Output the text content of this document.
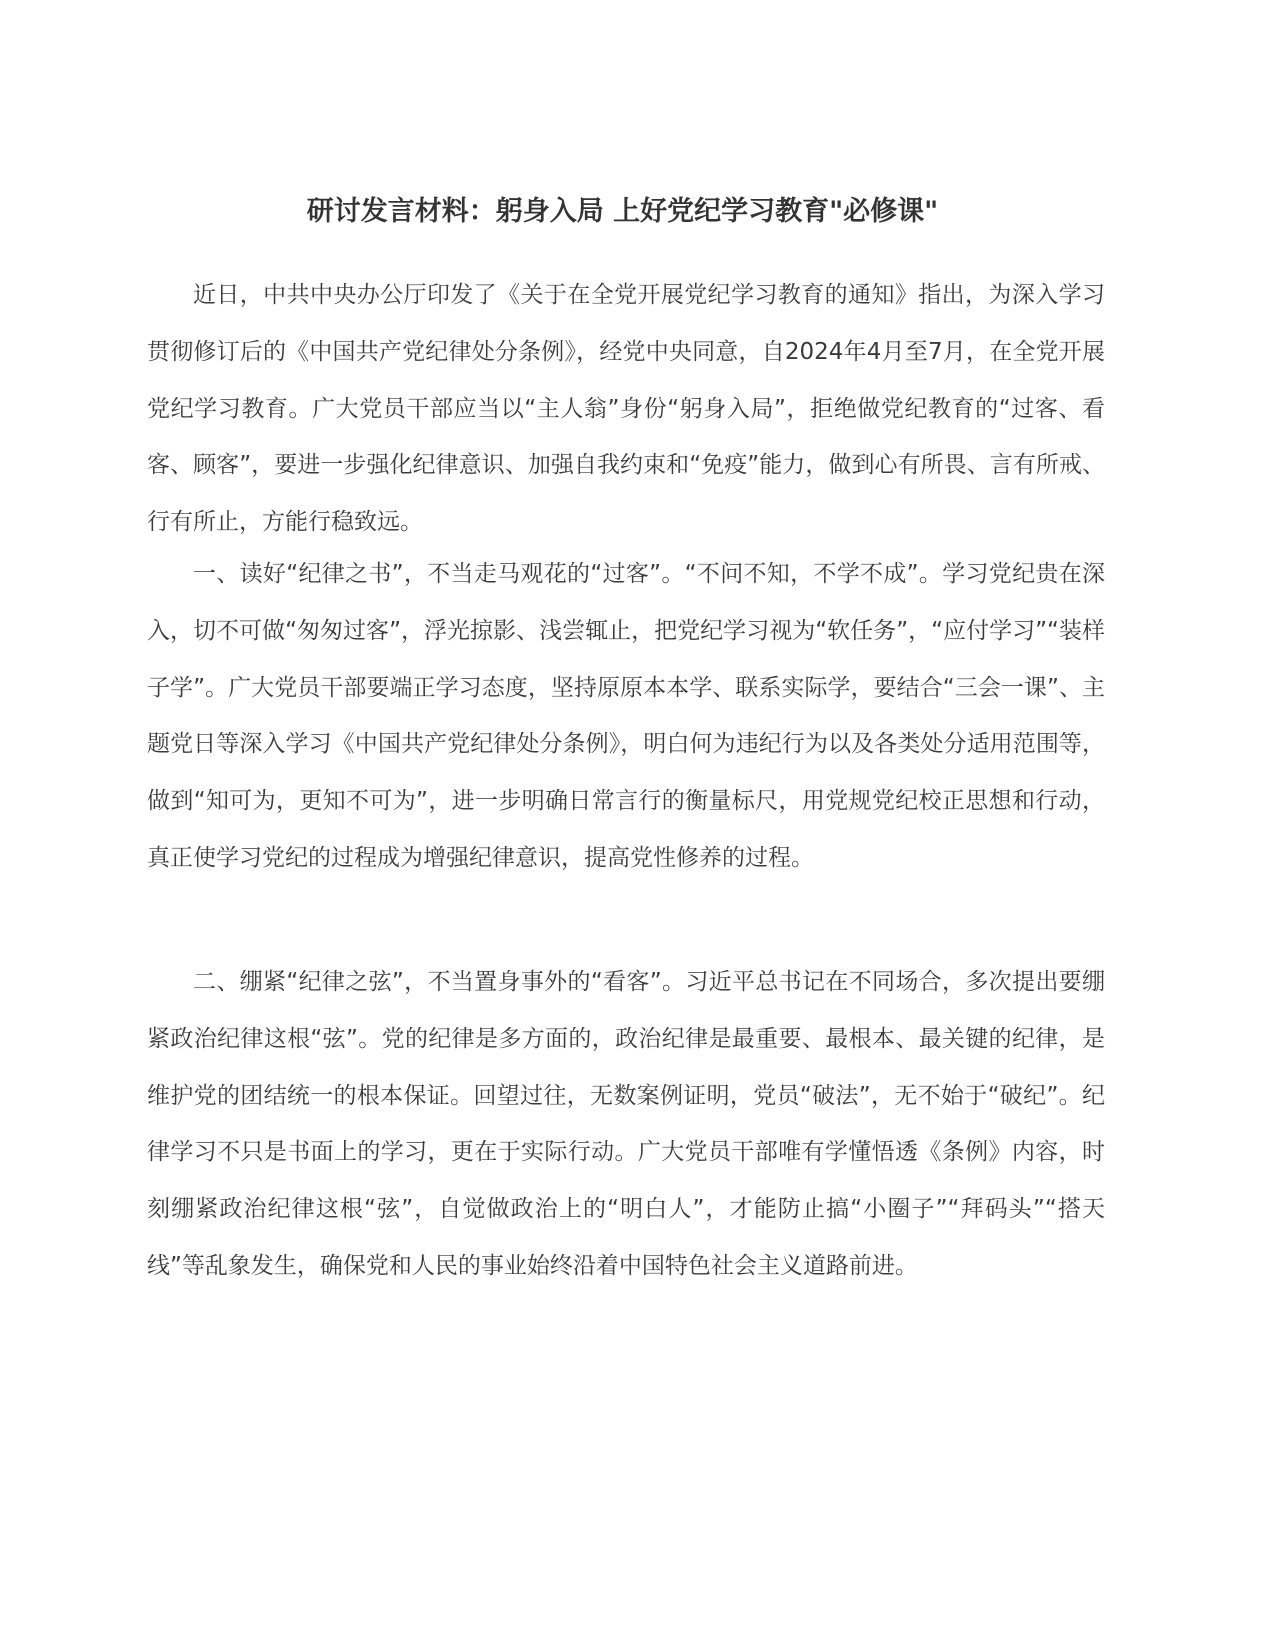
研讨发言材料：躬身入局 上好党纪学习教育"必修课"

近日，中共中央办公厅印发了《关于在全党开展党纪学习教育的通知》指出，为深入学习贯彻修订后的《中国共产党纪律处分条例》，经党中央同意，自2024年4月至7月，在全党开展党纪学习教育。广大党员干部应当以“主人翁”身份“躬身入局”，拒绝做党纪教育的“过客、看客、顾客”，要进一步强化纪律意识、加强自我约束和“免疫”能力，做到心有所畏、言有所戒、行有所止，方能行稳致远。

一、读好“纪律之书”，不当走马观花的“过客”。“不问不知，不学不成”。学习党纪贵在深入，切不可做“匆匆过客”，浮光掠影、浅尝辄止，把党纪学习视为“软任务”，“应付学习”“装样子学”。广大党员干部要端正学习态度，坚持原原本本学、联系实际学，要结合“三会一课”、主题党日等深入学习《中国共产党纪律处分条例》，明白何为违纪行为以及各类处分适用范围等，做到“知可为，更知不可为”，进一步明确日常言行的衡量标尺，用党规党纪校正思想和行动，真正使学习党纪的过程成为增强纪律意识，提高党性修养的过程。

二、绷紧“纪律之弦”，不当置身事外的“看客”。习近平总书记在不同场合，多次提出要绷紧政治纪律这根“弦”。党的纪律是多方面的，政治纪律是最重要、最根本、最关键的纪律，是维护党的团结统一的根本保证。回望过往，无数案例证明，党员“破法”，无不始于“破纪”。纪律学习不只是书面上的学习，更在于实际行动。广大党员干部唯有学懂悟透《条例》内容，时刻绷紧政治纪律这根“弦”，自觉做政治上的“明白人”，才能防止搞“小圈子”“拜码头”“搭天线”等乱象发生，确保党和人民的事业始终沿着中国特色社会主义道路前进。
